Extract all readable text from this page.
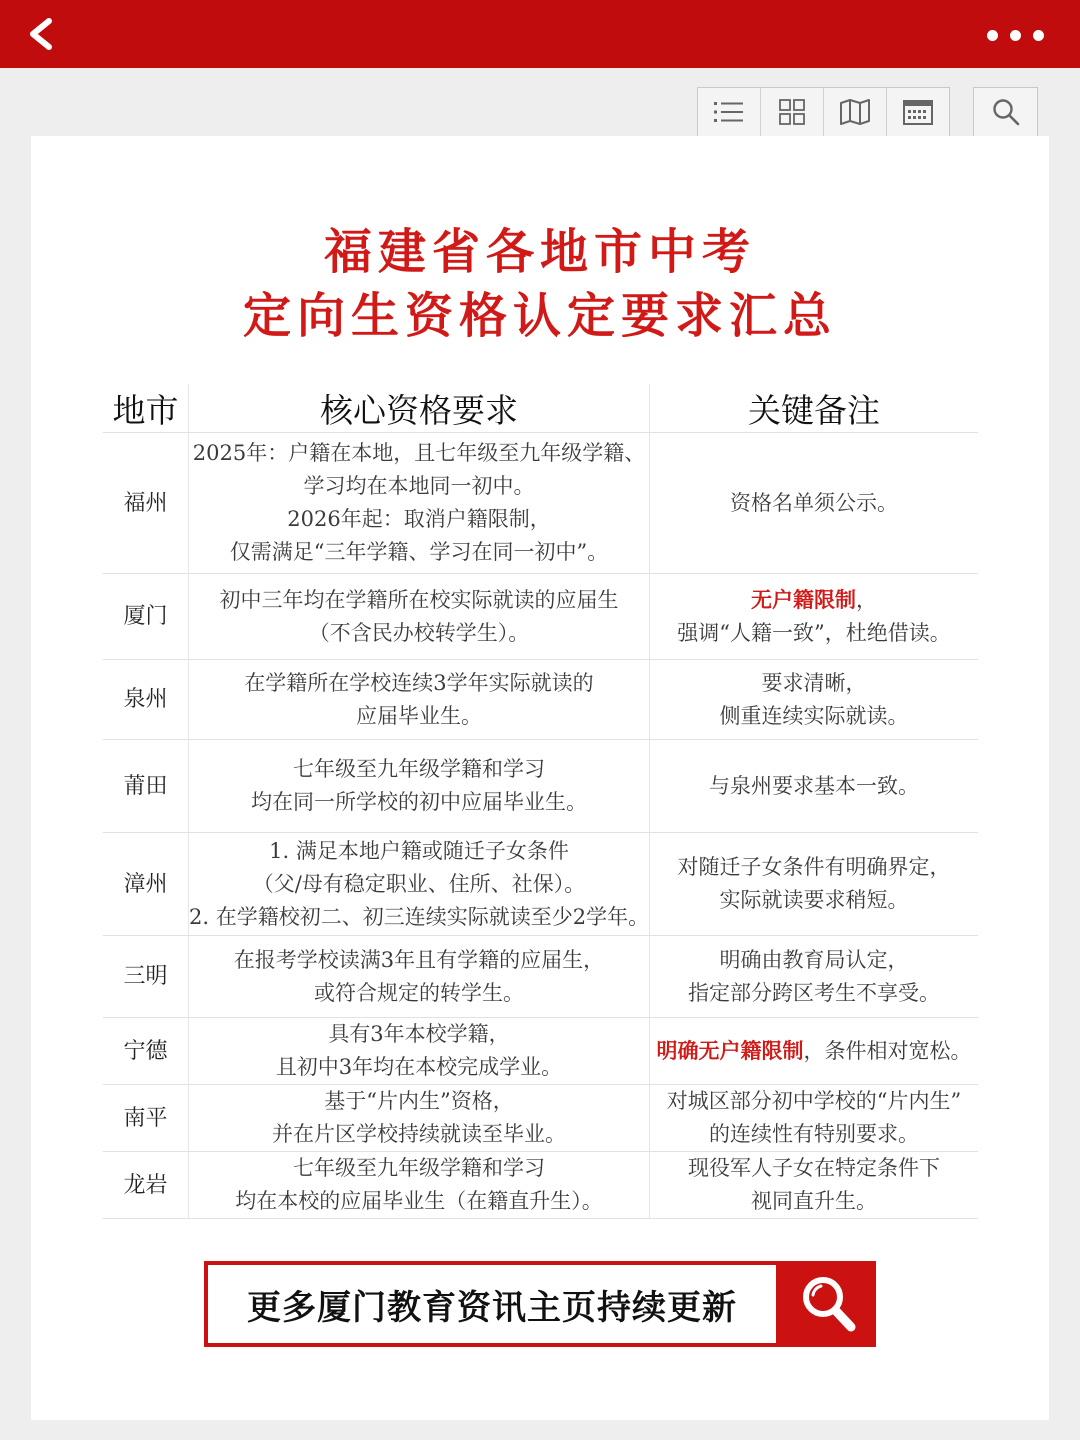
福建省各地市中考
定向生资格认定要求汇总
地市	核心资格要求	关键备注
福州	2025年：户籍在本地，且七年级至九年级学籍、
学习均在本地同一初中。
2026年起：取消户籍限制，
仅需满足“三年学籍、学习在同一初中”。	资格名单须公示。

厦门	初中三年均在学籍所在校实际就读的应届生
（不含民办校转学生）。	无户籍限制，
强调“人籍一致”，杜绝借读。

泉州	在学籍所在学校连续3学年实际就读的
应届毕业生。	要求清晰，
侧重连续实际就读。

莆田	七年级至九年级学籍和学习
均在同一所学校的初中应届毕业生。	与泉州要求基本一致。

漳州	1. 满足本地户籍或随迁子女条件
（父/母有稳定职业、住所、社保）。
2. 在学籍校初二、初三连续实际就读至少2学年。	对随迁子女条件有明确界定，
实际就读要求稍短。

三明	在报考学校读满3年且有学籍的应届生，
或符合规定的转学生。	明确由教育局认定，
指定部分跨区考生不享受。

宁德	具有3年本校学籍，
且初中3年均在本校完成学业。	明确无户籍限制，条件相对宽松。

南平	基于“片内生”资格，
并在片区学校持续就读至毕业。	对城区部分初中学校的“片内生”
的连续性有特别要求。

龙岩	七年级至九年级学籍和学习
均在本校的应届毕业生（在籍直升生）。	现役军人子女在特定条件下
视同直升生。
更多厦门教育资讯主页持续更新
